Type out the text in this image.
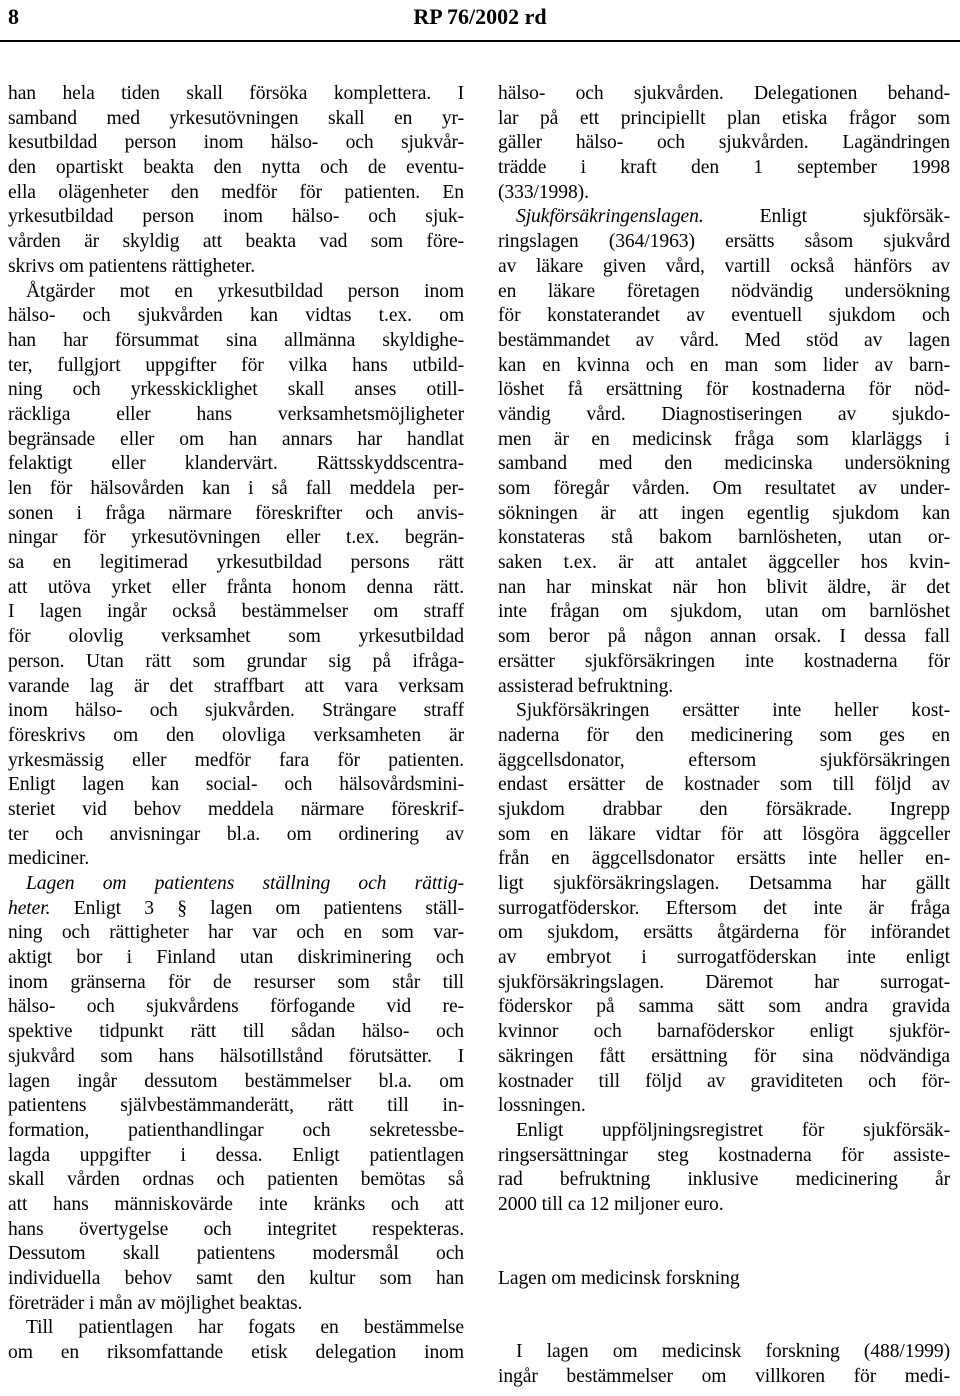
8	RP 76/2002 rd
han hela tiden skall försöka komplettera. I
samband med yrkesutövningen skall en yr-
kesutbildad person inom hälso- och sjukvår-
den opartiskt beakta den nytta och de eventu-
ella olägenheter den medför för patienten. En
yrkesutbildad person inom hälso- och sjuk-
vården är skyldig att beakta vad som före-
skrivs om patientens rättigheter.
Åtgärder mot en yrkesutbildad person inom
hälso- och sjukvården kan vidtas t.ex. om
han har försummat sina allmänna skyldighe-
ter, fullgjort uppgifter för vilka hans utbild-
ning och yrkesskicklighet skall anses otill-
räckliga eller hans verksamhetsmöjligheter
begränsade eller om han annars har handlat
felaktigt eller klandervärt. Rättsskyddscentra-
len för hälsovården kan i så fall meddela per-
sonen i fråga närmare föreskrifter och anvis-
ningar för yrkesutövningen eller t.ex. begrän-
sa en legitimerad yrkesutbildad persons rätt
att utöva yrket eller frånta honom denna rätt.
I lagen ingår också bestämmelser om straff
för olovlig verksamhet som yrkesutbildad
person. Utan rätt som grundar sig på ifråga-
varande lag är det straffbart att vara verksam
inom hälso- och sjukvården. Strängare straff
föreskrivs om den olovliga verksamheten är
yrkesmässig eller medför fara för patienten.
Enligt lagen kan social- och hälsovårdsmini-
steriet vid behov meddela närmare föreskrif-
ter och anvisningar bl.a. om ordinering av
mediciner.
Lagen om patientens ställning och rättig-
heter. Enligt 3 § lagen om patientens ställ-
ning och rättigheter har var och en som var-
aktigt bor i Finland utan diskriminering och
inom gränserna för de resurser som står till
hälso- och sjukvårdens förfogande vid re-
spektive tidpunkt rätt till sådan hälso- och
sjukvård som hans hälsotillstånd förutsätter. I
lagen ingår dessutom bestämmelser bl.a. om
patientens självbestämmanderätt, rätt till in-
formation, patienthandlingar och sekretessbe-
lagda uppgifter i dessa. Enligt patientlagen
skall vården ordnas och patienten bemötas så
att hans människovärde inte kränks och att
hans övertygelse och integritet respekteras.
Dessutom skall patientens modersmål och
individuella behov samt den kultur som han
företräder i mån av möjlighet beaktas.
Till patientlagen har fogats en bestämmelse
om en riksomfattande etisk delegation inom
hälso- och sjukvården. Delegationen behand-
lar på ett principiellt plan etiska frågor som
gäller hälso- och sjukvården. Lagändringen
trädde i kraft den 1 september 1998
(333/1998).
Sjukförsäkringenslagen. Enligt sjukförsäk-
ringslagen (364/1963) ersätts såsom sjukvård
av läkare given vård, vartill också hänförs av
en läkare företagen nödvändig undersökning
för konstaterandet av eventuell sjukdom och
bestämmandet av vård. Med stöd av lagen
kan en kvinna och en man som lider av barn-
löshet få ersättning för kostnaderna för nöd-
vändig vård. Diagnostiseringen av sjukdo-
men är en medicinsk fråga som klarläggs i
samband med den medicinska undersökning
som föregår vården. Om resultatet av under-
sökningen är att ingen egentlig sjukdom kan
konstateras stå bakom barnlösheten, utan or-
saken t.ex. är att antalet äggceller hos kvin-
nan har minskat när hon blivit äldre, är det
inte frågan om sjukdom, utan om barnlöshet
som beror på någon annan orsak. I dessa fall
ersätter sjukförsäkringen inte kostnaderna för
assisterad befruktning.
Sjukförsäkringen ersätter inte heller kost-
naderna för den medicinering som ges en
äggcellsdonator, eftersom sjukförsäkringen
endast ersätter de kostnader som till följd av
sjukdom drabbar den försäkrade. Ingrepp
som en läkare vidtar för att lösgöra äggceller
från en äggcellsdonator ersätts inte heller en-
ligt sjukförsäkringslagen. Detsamma har gällt
surrogatföderskor. Eftersom det inte är fråga
om sjukdom, ersätts åtgärderna för införandet
av embryot i surrogatföderskan inte enligt
sjukförsäkringslagen. Däremot har surrogat-
föderskor på samma sätt som andra gravida
kvinnor och barnaföderskor enligt sjukför-
säkringen fått ersättning för sina nödvändiga
kostnader till följd av graviditeten och för-
lossningen.
Enligt uppföljningsregistret för sjukförsäk-
ringsersättningar steg kostnaderna för assiste-
rad befruktning inklusive medicinering år
2000 till ca 12 miljoner euro.
Lagen om medicinsk forskning
I lagen om medicinsk forskning (488/1999)
ingår bestämmelser om villkoren för medi-
